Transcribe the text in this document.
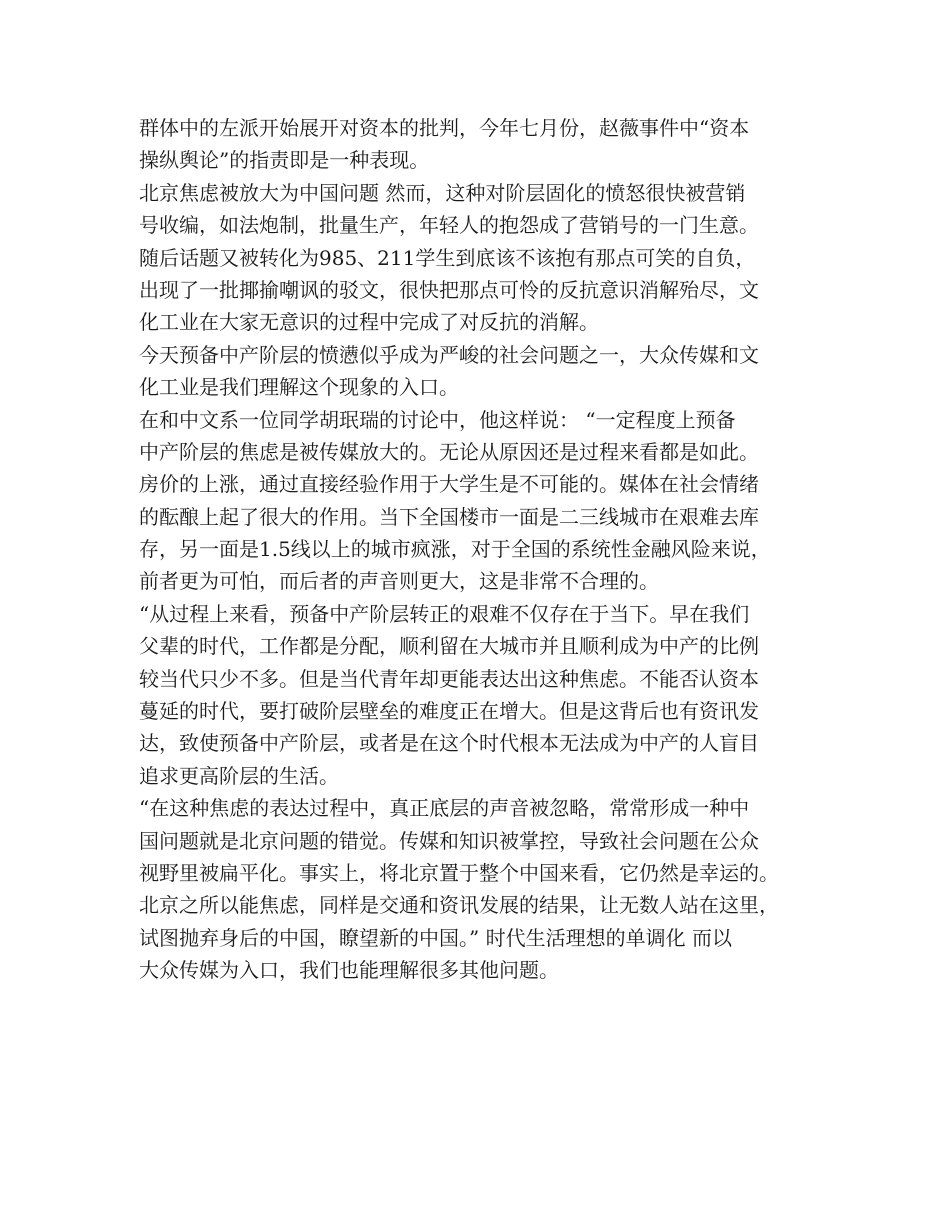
群体中的左派开始展开对资本的批判，今年七月份，赵薇事件中“资本
操纵舆论”的指责即是一种表现。
北京焦虑被放大为中国问题 然而，这种对阶层固化的愤怒很快被营销
号收编，如法炮制，批量生产，年轻人的抱怨成了营销号的一门生意。
随后话题又被转化为985、211学生到底该不该抱有那点可笑的自负，
出现了一批揶揄嘲讽的驳文，很快把那点可怜的反抗意识消解殆尽，文
化工业在大家无意识的过程中完成了对反抗的消解。
今天预备中产阶层的愤懑似乎成为严峻的社会问题之一，大众传媒和文
化工业是我们理解这个现象的入口。
在和中文系一位同学胡珉瑞的讨论中，他这样说： “一定程度上预备
中产阶层的焦虑是被传媒放大的。无论从原因还是过程来看都是如此。
房价的上涨，通过直接经验作用于大学生是不可能的。媒体在社会情绪
的酝酿上起了很大的作用。当下全国楼市一面是二三线城市在艰难去库
存，另一面是1.5线以上的城市疯涨，对于全国的系统性金融风险来说，
前者更为可怕，而后者的声音则更大，这是非常不合理的。
“从过程上来看，预备中产阶层转正的艰难不仅存在于当下。早在我们
父辈的时代，工作都是分配，顺利留在大城市并且顺利成为中产的比例
较当代只少不多。但是当代青年却更能表达出这种焦虑。不能否认资本
蔓延的时代，要打破阶层壁垒的难度正在增大。但是这背后也有资讯发
达，致使预备中产阶层，或者是在这个时代根本无法成为中产的人盲目
追求更高阶层的生活。
“在这种焦虑的表达过程中，真正底层的声音被忽略，常常形成一种中
国问题就是北京问题的错觉。传媒和知识被掌控，导致社会问题在公众
视野里被扁平化。事实上，将北京置于整个中国来看，它仍然是幸运的。
北京之所以能焦虑，同样是交通和资讯发展的结果，让无数人站在这里，
试图抛弃身后的中国，瞭望新的中国。” 时代生活理想的单调化 而以
大众传媒为入口，我们也能理解很多其他问题。
